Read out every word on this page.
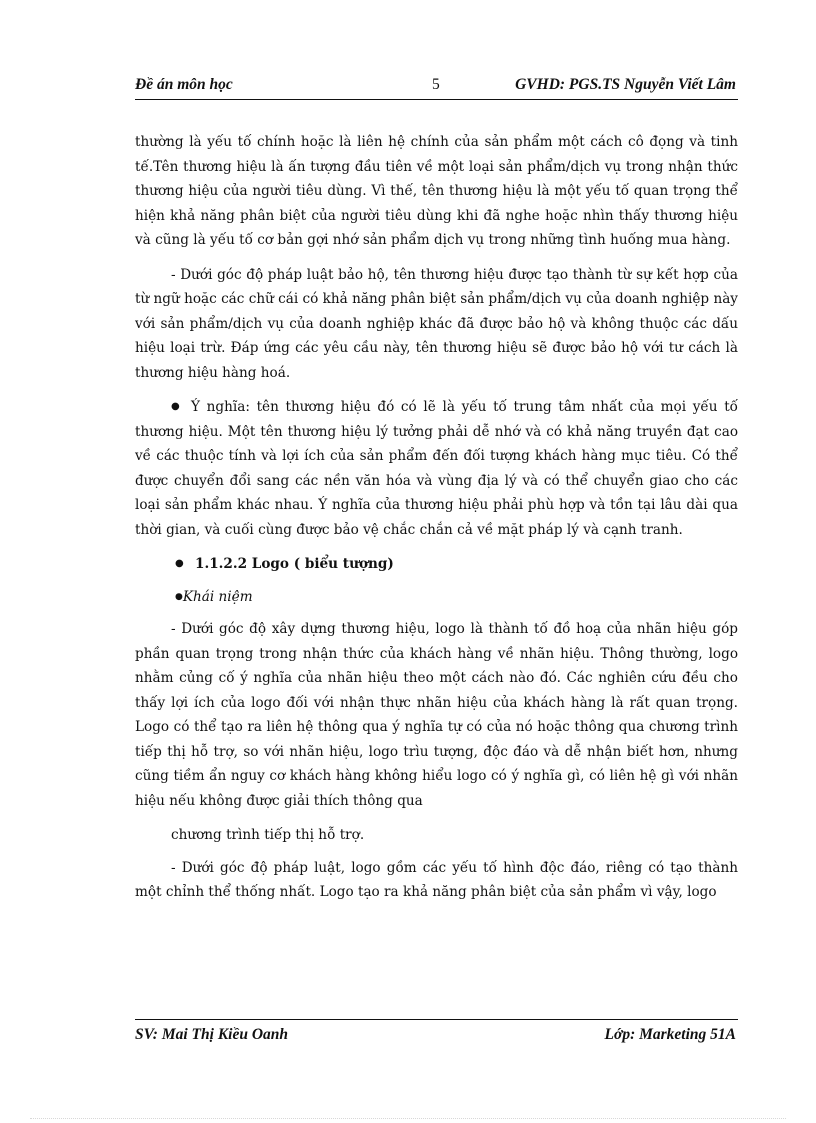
Đề án môn học	5	GVHD: PGS.TS Nguyễn Viết Lâm

thường là yếu tố chính hoặc là liên hệ chính của sản phẩm một cách cô đọng và tinh tế.Tên thương hiệu là ấn tượng đầu tiên về một loại sản phẩm/dịch vụ trong nhận thức thương hiệu của người tiêu dùng. Vì thế, tên thương hiệu là một yếu tố quan trọng thể hiện khả năng phân biệt của người tiêu dùng khi đã nghe hoặc nhìn thấy thương hiệu và cũng là yếu tố cơ bản gợi nhớ sản phẩm dịch vụ trong những tình huống mua hàng.

- Dưới góc độ pháp luật bảo hộ, tên thương hiệu được tạo thành từ sự kết hợp của từ ngữ hoặc các chữ cái có khả năng phân biệt sản phẩm/dịch vụ của doanh nghiệp này với sản phẩm/dịch vụ của doanh nghiệp khác đã được bảo hộ và không thuộc các dấu hiệu loại trừ. Đáp ứng các yêu cầu này, tên thương hiệu sẽ được bảo hộ với tư cách là thương hiệu hàng hoá.

● Ý nghĩa: tên thương hiệu đó có lẽ là yếu tố trung tâm nhất của mọi yếu tố thương hiệu. Một tên thương hiệu lý tưởng phải dễ nhớ và có khả năng truyền đạt cao về các thuộc tính và lợi ích của sản phẩm đến đối tượng khách hàng mục tiêu. Có thể được chuyển đổi sang các nền văn hóa và vùng địa lý và có thể chuyển giao cho các loại sản phẩm khác nhau. Ý nghĩa của thương hiệu phải phù hợp và tồn tại lâu dài qua thời gian, và cuối cùng được bảo vệ chắc chắn cả về mặt pháp lý và cạnh tranh.

● 1.1.2.2 Logo ( biểu tượng)

●Khái niệm

- Dưới góc độ xây dựng thương hiệu, logo là thành tố đồ hoạ của nhãn hiệu góp phần quan trọng trong nhận thức của khách hàng về nhãn hiệu. Thông thường, logo nhằm củng cố ý nghĩa của nhãn hiệu theo một cách nào đó. Các nghiên cứu đều cho thấy lợi ích của logo đối với nhận thực nhãn hiệu của khách hàng là rất quan trọng. Logo có thể tạo ra liên hệ thông qua ý nghĩa tự có của nó hoặc thông qua chương trình tiếp thị hỗ trợ, so với nhãn hiệu, logo trìu tượng, độc đáo và dễ nhận biết hơn, nhưng cũng tiềm ẩn nguy cơ khách hàng không hiểu logo có ý nghĩa gì, có liên hệ gì với nhãn hiệu nếu không được giải thích thông qua

chương trình tiếp thị hỗ trợ.

- Dưới góc độ pháp luật, logo gồm các yếu tố hình độc đáo, riêng có tạo thành một chỉnh thể thống nhất. Logo tạo ra khả năng phân biệt của sản phẩm vì vậy, logo

SV: Mai Thị Kiều Oanh	Lớp: Marketing 51A
